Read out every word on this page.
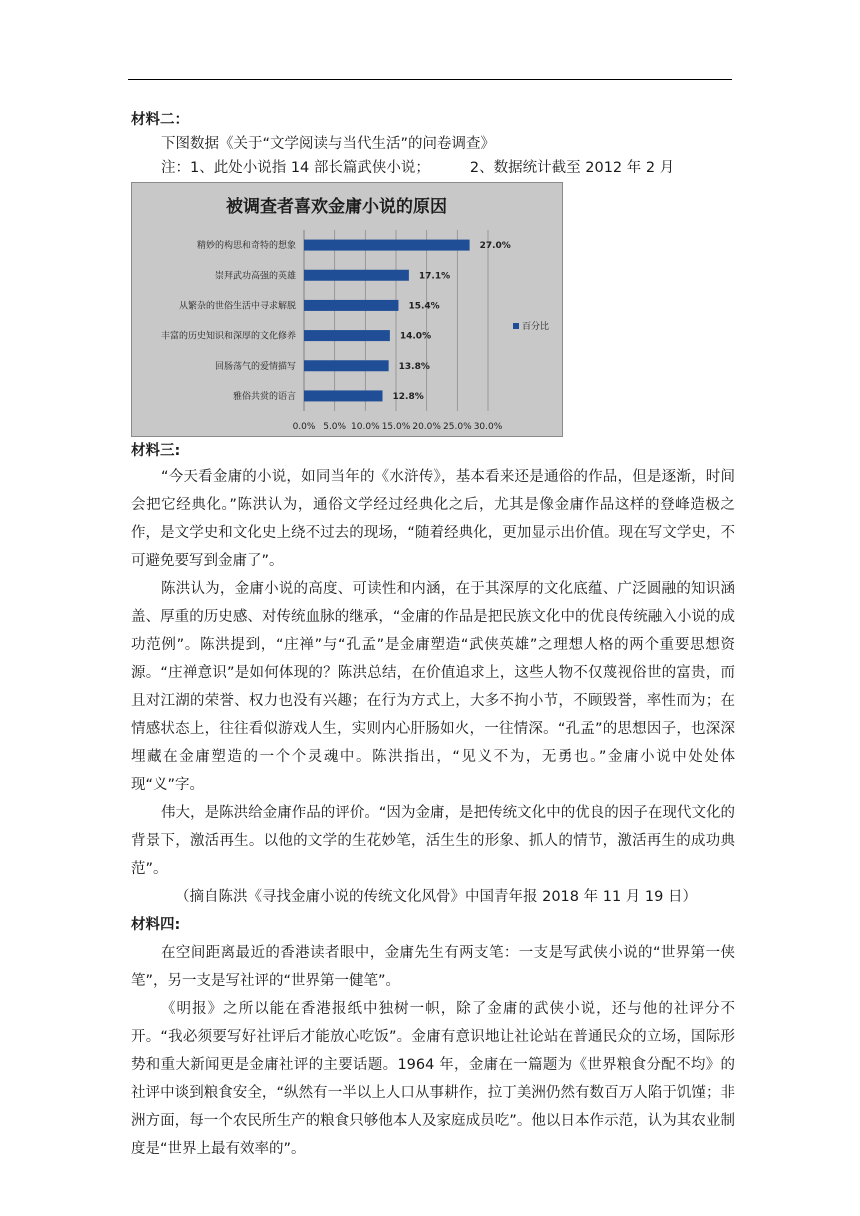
材料二：

下图数据《关于“文学阅读与当代生活”的问卷调查》

注：1、此处小说指 14 部长篇武侠小说；	2、数据统计截至 2012 年 2 月

被调查者喜欢金庸小说的原因
精妙的构思和奇特的想象	27.0%
崇拜武功高强的英雄	17.1%
从繁杂的世俗生活中寻求解脱	15.4%
丰富的历史知识和深厚的文化修养	14.0%
回肠荡气的爱情描写	13.8%
雅俗共赏的语言	12.8%
0.0% 5.0% 10.0% 15.0% 20.0% 25.0% 30.0%
百分比

材料三:

“今天看金庸的小说，如同当年的《水浒传》，基本看来还是通俗的作品，但是逐渐，时间会把它经典化。”陈洪认为，通俗文学经过经典化之后，尤其是像金庸作品这样的登峰造极之作，是文学史和文化史上绕不过去的现场，“随着经典化，更加显示出价值。现在写文学史，不可避免要写到金庸了”。

陈洪认为，金庸小说的高度、可读性和内涵，在于其深厚的文化底蕴、广泛圆融的知识涵盖、厚重的历史感、对传统血脉的继承，“金庸的作品是把民族文化中的优良传统融入小说的成功范例”。陈洪提到，“庄禅”与“孔孟”是金庸塑造“武侠英雄”之理想人格的两个重要思想资源。“庄禅意识”是如何体现的？陈洪总结，在价值追求上，这些人物不仅蔑视俗世的富贵，而且对江湖的荣誉、权力也没有兴趣；在行为方式上，大多不拘小节，不顾毁誉，率性而为；在情感状态上，往往看似游戏人生，实则内心肝肠如火，一往情深。“孔孟”的思想因子，也深深埋藏在金庸塑造的一个个灵魂中。陈洪指出，“见义不为，无勇也。”金庸小说中处处体现“义”字。

伟大，是陈洪给金庸作品的评价。“因为金庸，是把传统文化中的优良的因子在现代文化的背景下，激活再生。以他的文学的生花妙笔，活生生的形象、抓人的情节，激活再生的成功典范”。

（摘自陈洪《寻找金庸小说的传统文化风骨》中国青年报 2018 年 11 月 19 日）

材料四:

在空间距离最近的香港读者眼中，金庸先生有两支笔：一支是写武侠小说的“世界第一侠笔”，另一支是写社评的“世界第一健笔”。

《明报》之所以能在香港报纸中独树一帜，除了金庸的武侠小说，还与他的社评分不开。“我必须要写好社评后才能放心吃饭”。金庸有意识地让社论站在普通民众的立场，国际形势和重大新闻更是金庸社评的主要话题。1964 年，金庸在一篇题为《世界粮食分配不均》的社评中谈到粮食安全，“纵然有一半以上人口从事耕作，拉丁美洲仍然有数百万人陷于饥馑；非洲方面，每一个农民所生产的粮食只够他本人及家庭成员吃”。他以日本作示范，认为其农业制度是“世界上最有效率的”。
